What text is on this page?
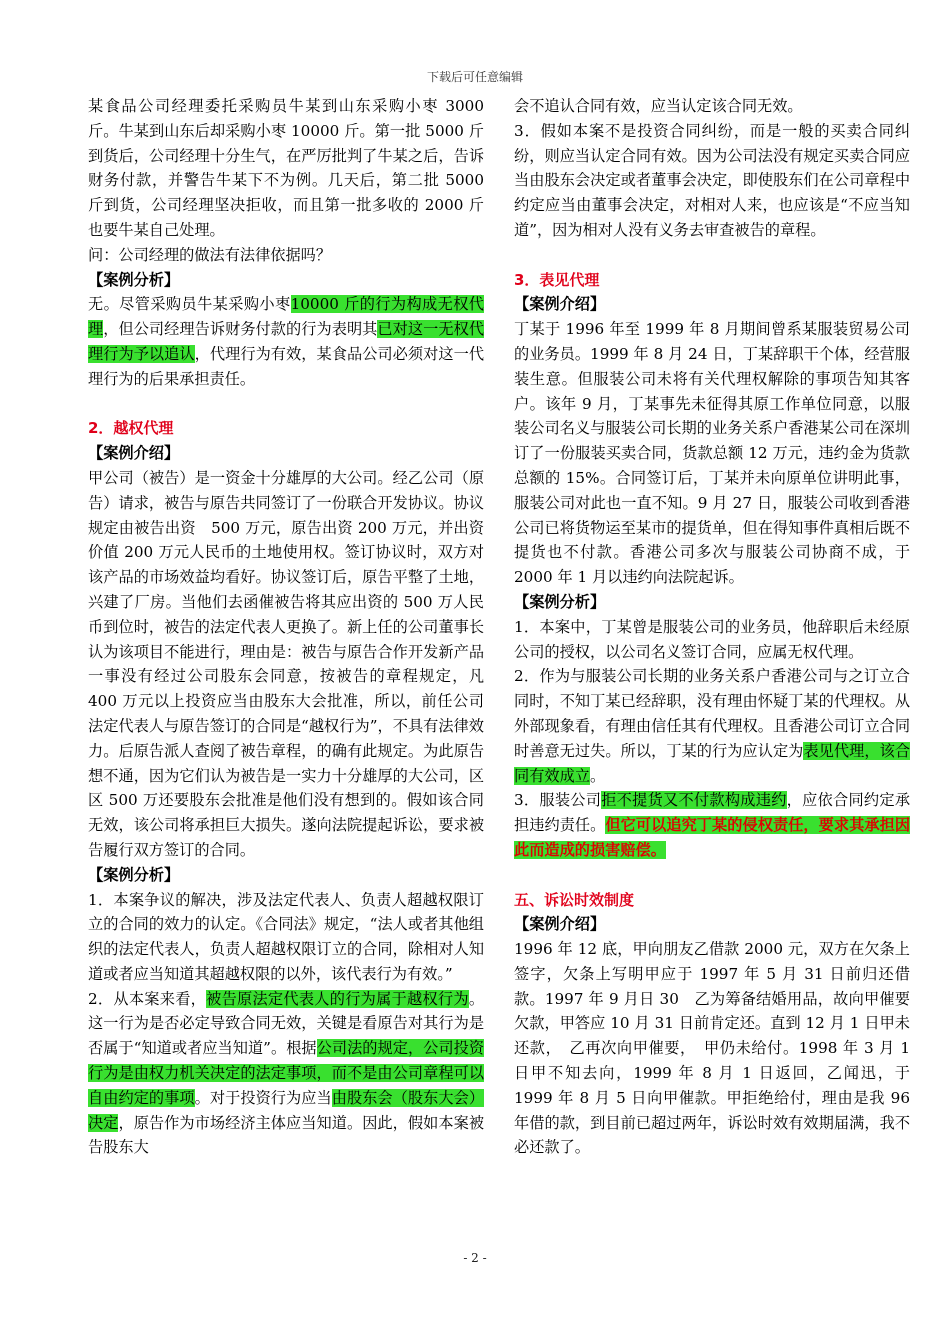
下载后可任意编辑

某食品公司经理委托采购员牛某到山东采购小枣 3000 斤。牛某到山东后却采购小枣 10000 斤。第一批 5000 斤到货后，公司经理十分生气，在严厉批判了牛某之后，告诉财务付款，并警告牛某下不为例。几天后，第二批 5000 斤到货，公司经理坚决拒收，而且第一批多收的 2000 斤也要牛某自己处理。

问：公司经理的做法有法律依据吗？

【案例分析】

无。尽管采购员牛某采购小枣10000 斤的行为构成无权代理，但公司经理告诉财务付款的行为表明其已对这一无权代理行为予以追认，代理行为有效，某食品公司必须对这一代理行为的后果承担责任。

2．越权代理

【案例介绍】

甲公司（被告）是一资金十分雄厚的大公司。经乙公司（原告）请求，被告与原告共同签订了一份联合开发协议。协议规定由被告出资　500 万元，原告出资 200 万元，并出资价值 200 万元人民币的土地使用权。签订协议时，双方对该产品的市场效益均看好。协议签订后，原告平整了土地，兴建了厂房。当他们去函催被告将其应出资的 500 万人民币到位时，被告的法定代表人更换了。新上任的公司董事长认为该项目不能进行，理由是：被告与原告合作开发新产品一事没有经过公司股东会同意，按被告的章程规定，凡 400 万元以上投资应当由股东大会批准，所以，前任公司法定代表人与原告签订的合同是“越权行为”，不具有法律效力。后原告派人查阅了被告章程，的确有此规定。为此原告想不通，因为它们认为被告是一实力十分雄厚的大公司，区区 500 万还要股东会批准是他们没有想到的。假如该合同无效，该公司将承担巨大损失。遂向法院提起诉讼，要求被告履行双方签订的合同。

【案例分析】

1．本案争议的解决，涉及法定代表人、负责人超越权限订立的合同的效力的认定。《合同法》规定，“法人或者其他组织的法定代表人，负责人超越权限订立的合同，除相对人知道或者应当知道其超越权限的以外，该代表行为有效。”

2．从本案来看，被告原法定代表人的行为属于越权行为。这一行为是否必定导致合同无效，关键是看原告对其行为是否属于“知道或者应当知道”。根据公司法的规定，公司投资行为是由权力机关决定的法定事项，而不是由公司章程可以自由约定的事项。对于投资行为应当由股东会（股东大会）决定，原告作为市场经济主体应当知道。因此，假如本案被告股东大

会不追认合同有效，应当认定该合同无效。

3．假如本案不是投资合同纠纷，而是一般的买卖合同纠纷，则应当认定合同有效。因为公司法没有规定买卖合同应当由股东会决定或者董事会决定，即使股东们在公司章程中约定应当由董事会决定，对相对人来，也应该是“不应当知道”，因为相对人没有义务去审查被告的章程。

3．表见代理

【案例介绍】

丁某于 1996 年至 1999 年 8 月期间曾系某服装贸易公司的业务员。1999 年 8 月 24 日，丁某辞职干个体，经营服装生意。但服装公司未将有关代理权解除的事项告知其客户。该年 9 月，丁某事先未征得其原工作单位同意，以服装公司名义与服装公司长期的业务关系户香港某公司在深圳订了一份服装买卖合同，货款总额 12 万元，违约金为货款总额的 15%。合同签订后，丁某并未向原单位讲明此事，服装公司对此也一直不知。9 月 27 日，服装公司收到香港公司已将货物运至某市的提货单，但在得知事件真相后既不提货也不付款。香港公司多次与服装公司协商不成，于 2000 年 1 月以违约向法院起诉。

【案例分析】

1．本案中，丁某曾是服装公司的业务员，他辞职后未经原公司的授权，以公司名义签订合同，应属无权代理。

2．作为与服装公司长期的业务关系户香港公司与之订立合同时，不知丁某已经辞职，没有理由怀疑丁某的代理权。从外部现象看，有理由信任其有代理权。且香港公司订立合同时善意无过失。所以，丁某的行为应认定为表见代理，该合同有效成立。

3．服装公司拒不提货又不付款构成违约，应依合同约定承担违约责任。但它可以追究丁某的侵权责任，要求其承担因此而造成的损害赔偿。

五、诉讼时效制度

【案例介绍】

1996 年 12 底，甲向朋友乙借款 2000 元，双方在欠条上签字，欠条上写明甲应于 1997 年 5 月 31 日前归还借款。1997 年 9 月日 30　乙为筹备结婚用品，故向甲催要欠款，甲答应 10 月 31 日前肯定还。直到 12 月 1 日甲未还款，　乙再次向甲催要，　甲仍未给付。1998 年 3 月 1 日甲不知去向，1999 年 8 月 1 日返回，乙闻迅，于 1999 年 8 月 5 日向甲催款。甲拒绝给付，理由是我 96 年借的款，到目前已超过两年，诉讼时效有效期届满，我不必还款了。

- 2 -
